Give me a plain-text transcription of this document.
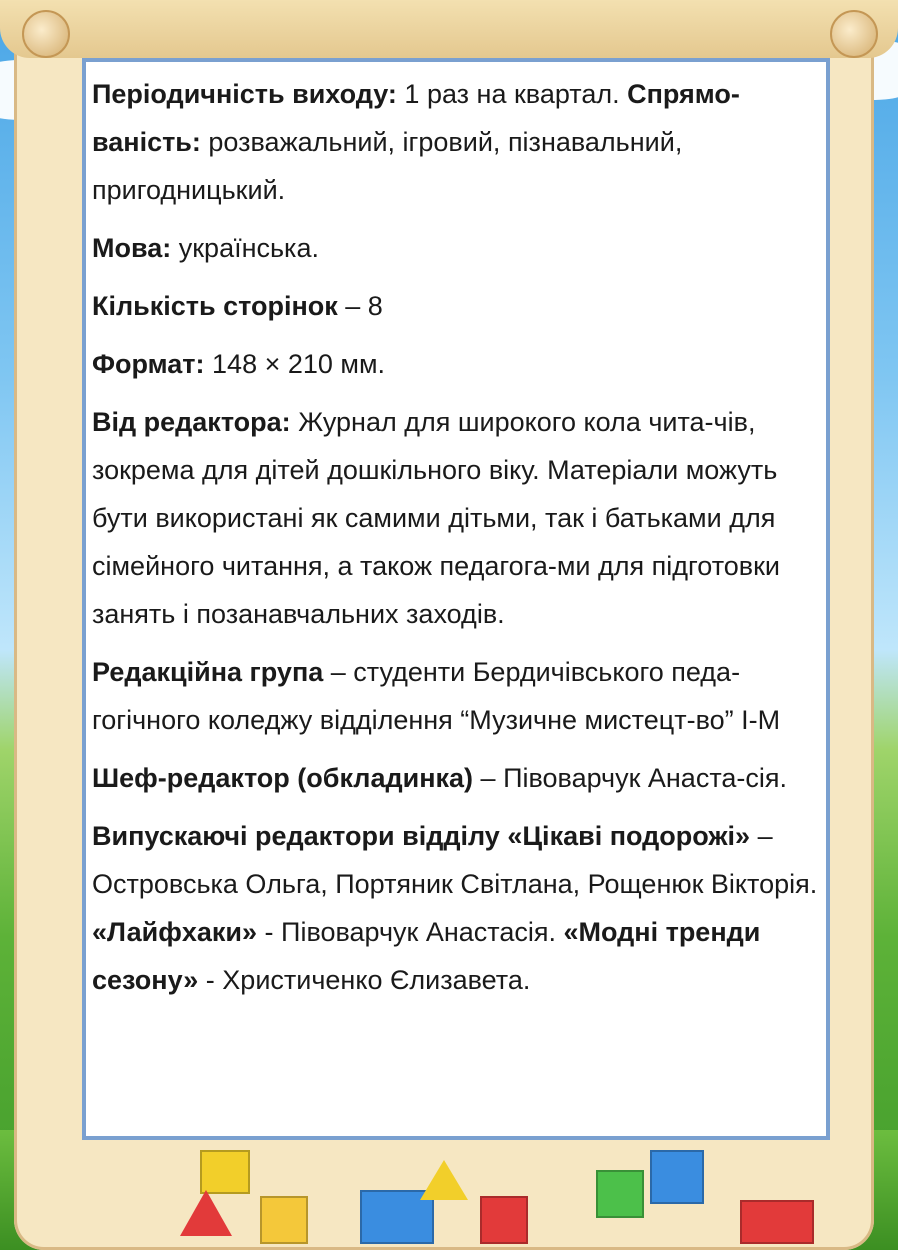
Періодичність виходу: 1 раз на квартал. Спрямо- ваність: розважальний, ігровий, пізнавальний, пригодницький.

Мова: українська.

Кількість сторінок – 8

Формат: 148 × 210 мм.

Від редактора: Журнал для широкого кола чита-чів, зокрема для дітей дошкільного віку. Матеріали можуть бути використані як самими дітьми, так і батьками для сімейного читання, а також педагога-ми для підготовки занять і позанавчальних заходів.

Редакційна група – студенти Бердичівського педа-гогічного коледжу відділення “Музичне мистецт-во” І-М

Шеф-редактор (обкладинка) – Півоварчук Анаста-сія.

Випускаючі редактори відділу «Цікаві подорожі» – Островська Ольга, Портяник Світлана, Рощенюк Вікторія. «Лайфхаки» - Півоварчук Анастасія. «Модні тренди сезону» - Христиченко Єлизавета.
